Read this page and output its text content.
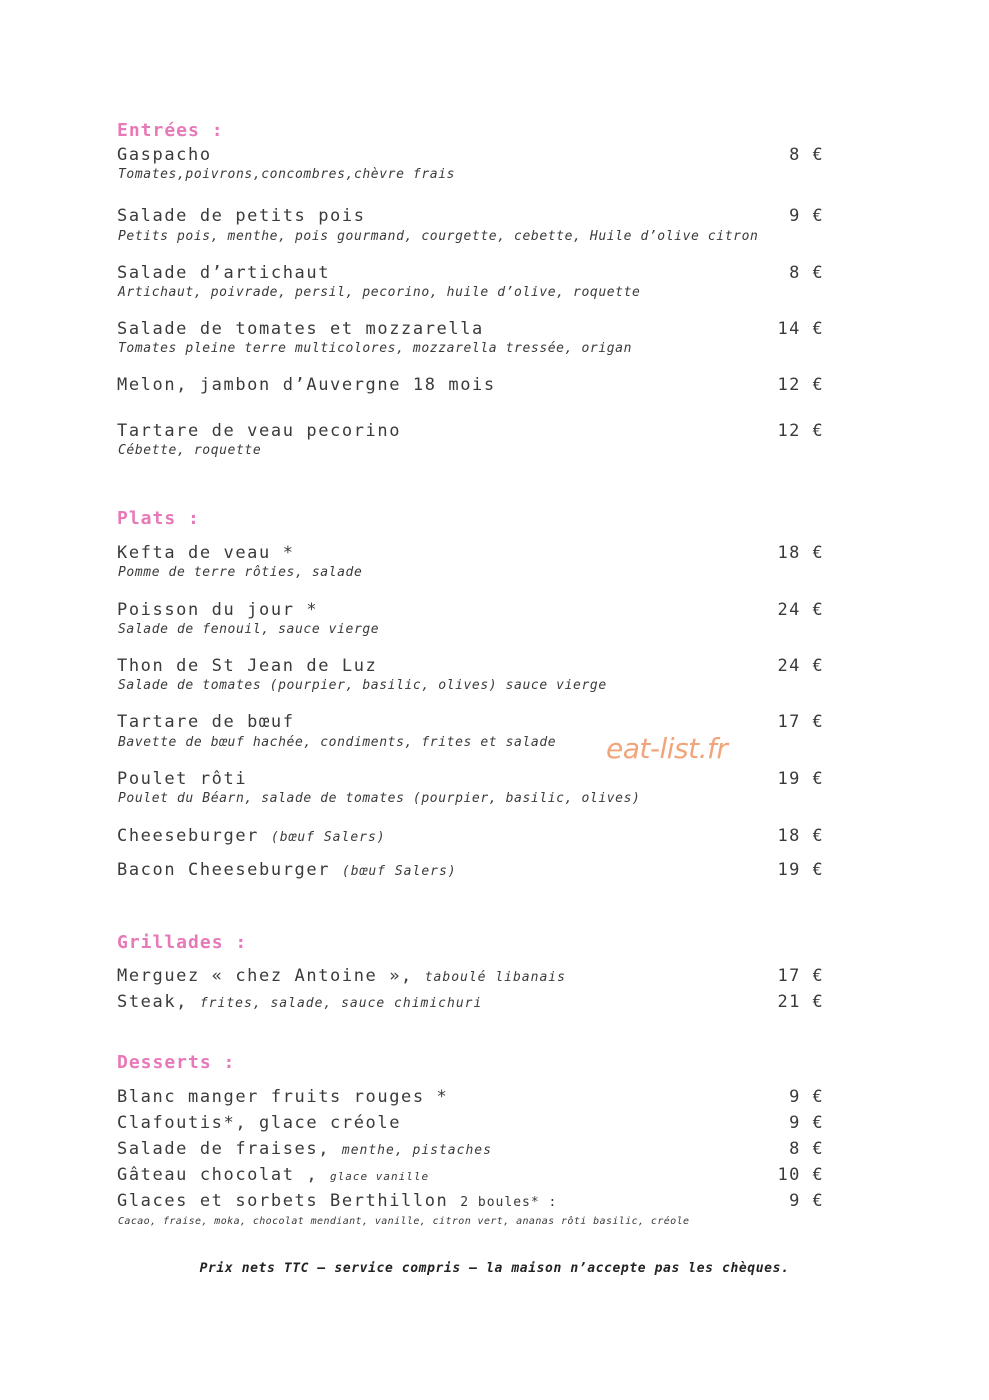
Entrées :
Gaspacho	8 €
Tomates,poivrons,concombres,chèvre frais
Salade de petits pois	9 €
Petits pois, menthe, pois gourmand, courgette, cebette, Huile d’olive citron
Salade d’artichaut	8 €
Artichaut, poivrade, persil, pecorino, huile d’olive, roquette
Salade de tomates et mozzarella	14 €
Tomates pleine terre multicolores, mozzarella tressée, origan
Melon, jambon d’Auvergne 18 mois	12 €
Tartare de veau pecorino	12 €
Cébette, roquette
Plats :
Kefta de veau *	18 €
Pomme de terre rôties, salade
Poisson du jour *	24 €
Salade de fenouil, sauce vierge
Thon de St Jean de Luz	24 €
Salade de tomates (pourpier, basilic, olives) sauce vierge
Tartare de bœuf	17 €
Bavette de bœuf hachée, condiments, frites et salade eat-list.fr
Poulet rôti	19 €
Poulet du Béarn, salade de tomates (pourpier, basilic, olives)
Cheeseburger (bœuf Salers)	18 €
Bacon Cheeseburger (bœuf Salers)	19 €
Grillades :
Merguez « chez Antoine », taboulé libanais	17 €
Steak, frites, salade, sauce chimichuri	21 €
Desserts :
Blanc manger fruits rouges *	9 €
Clafoutis*, glace créole	9 €
Salade de fraises, menthe, pistaches	8 €
Gâteau chocolat , glace vanille	10 €
Glaces et sorbets Berthillon 2 boules* :	9 €
Cacao, fraise, moka, chocolat mendiant, vanille, citron vert, ananas rôti basilic, créole
Prix nets TTC – service compris – la maison n’accepte pas les chèques.
